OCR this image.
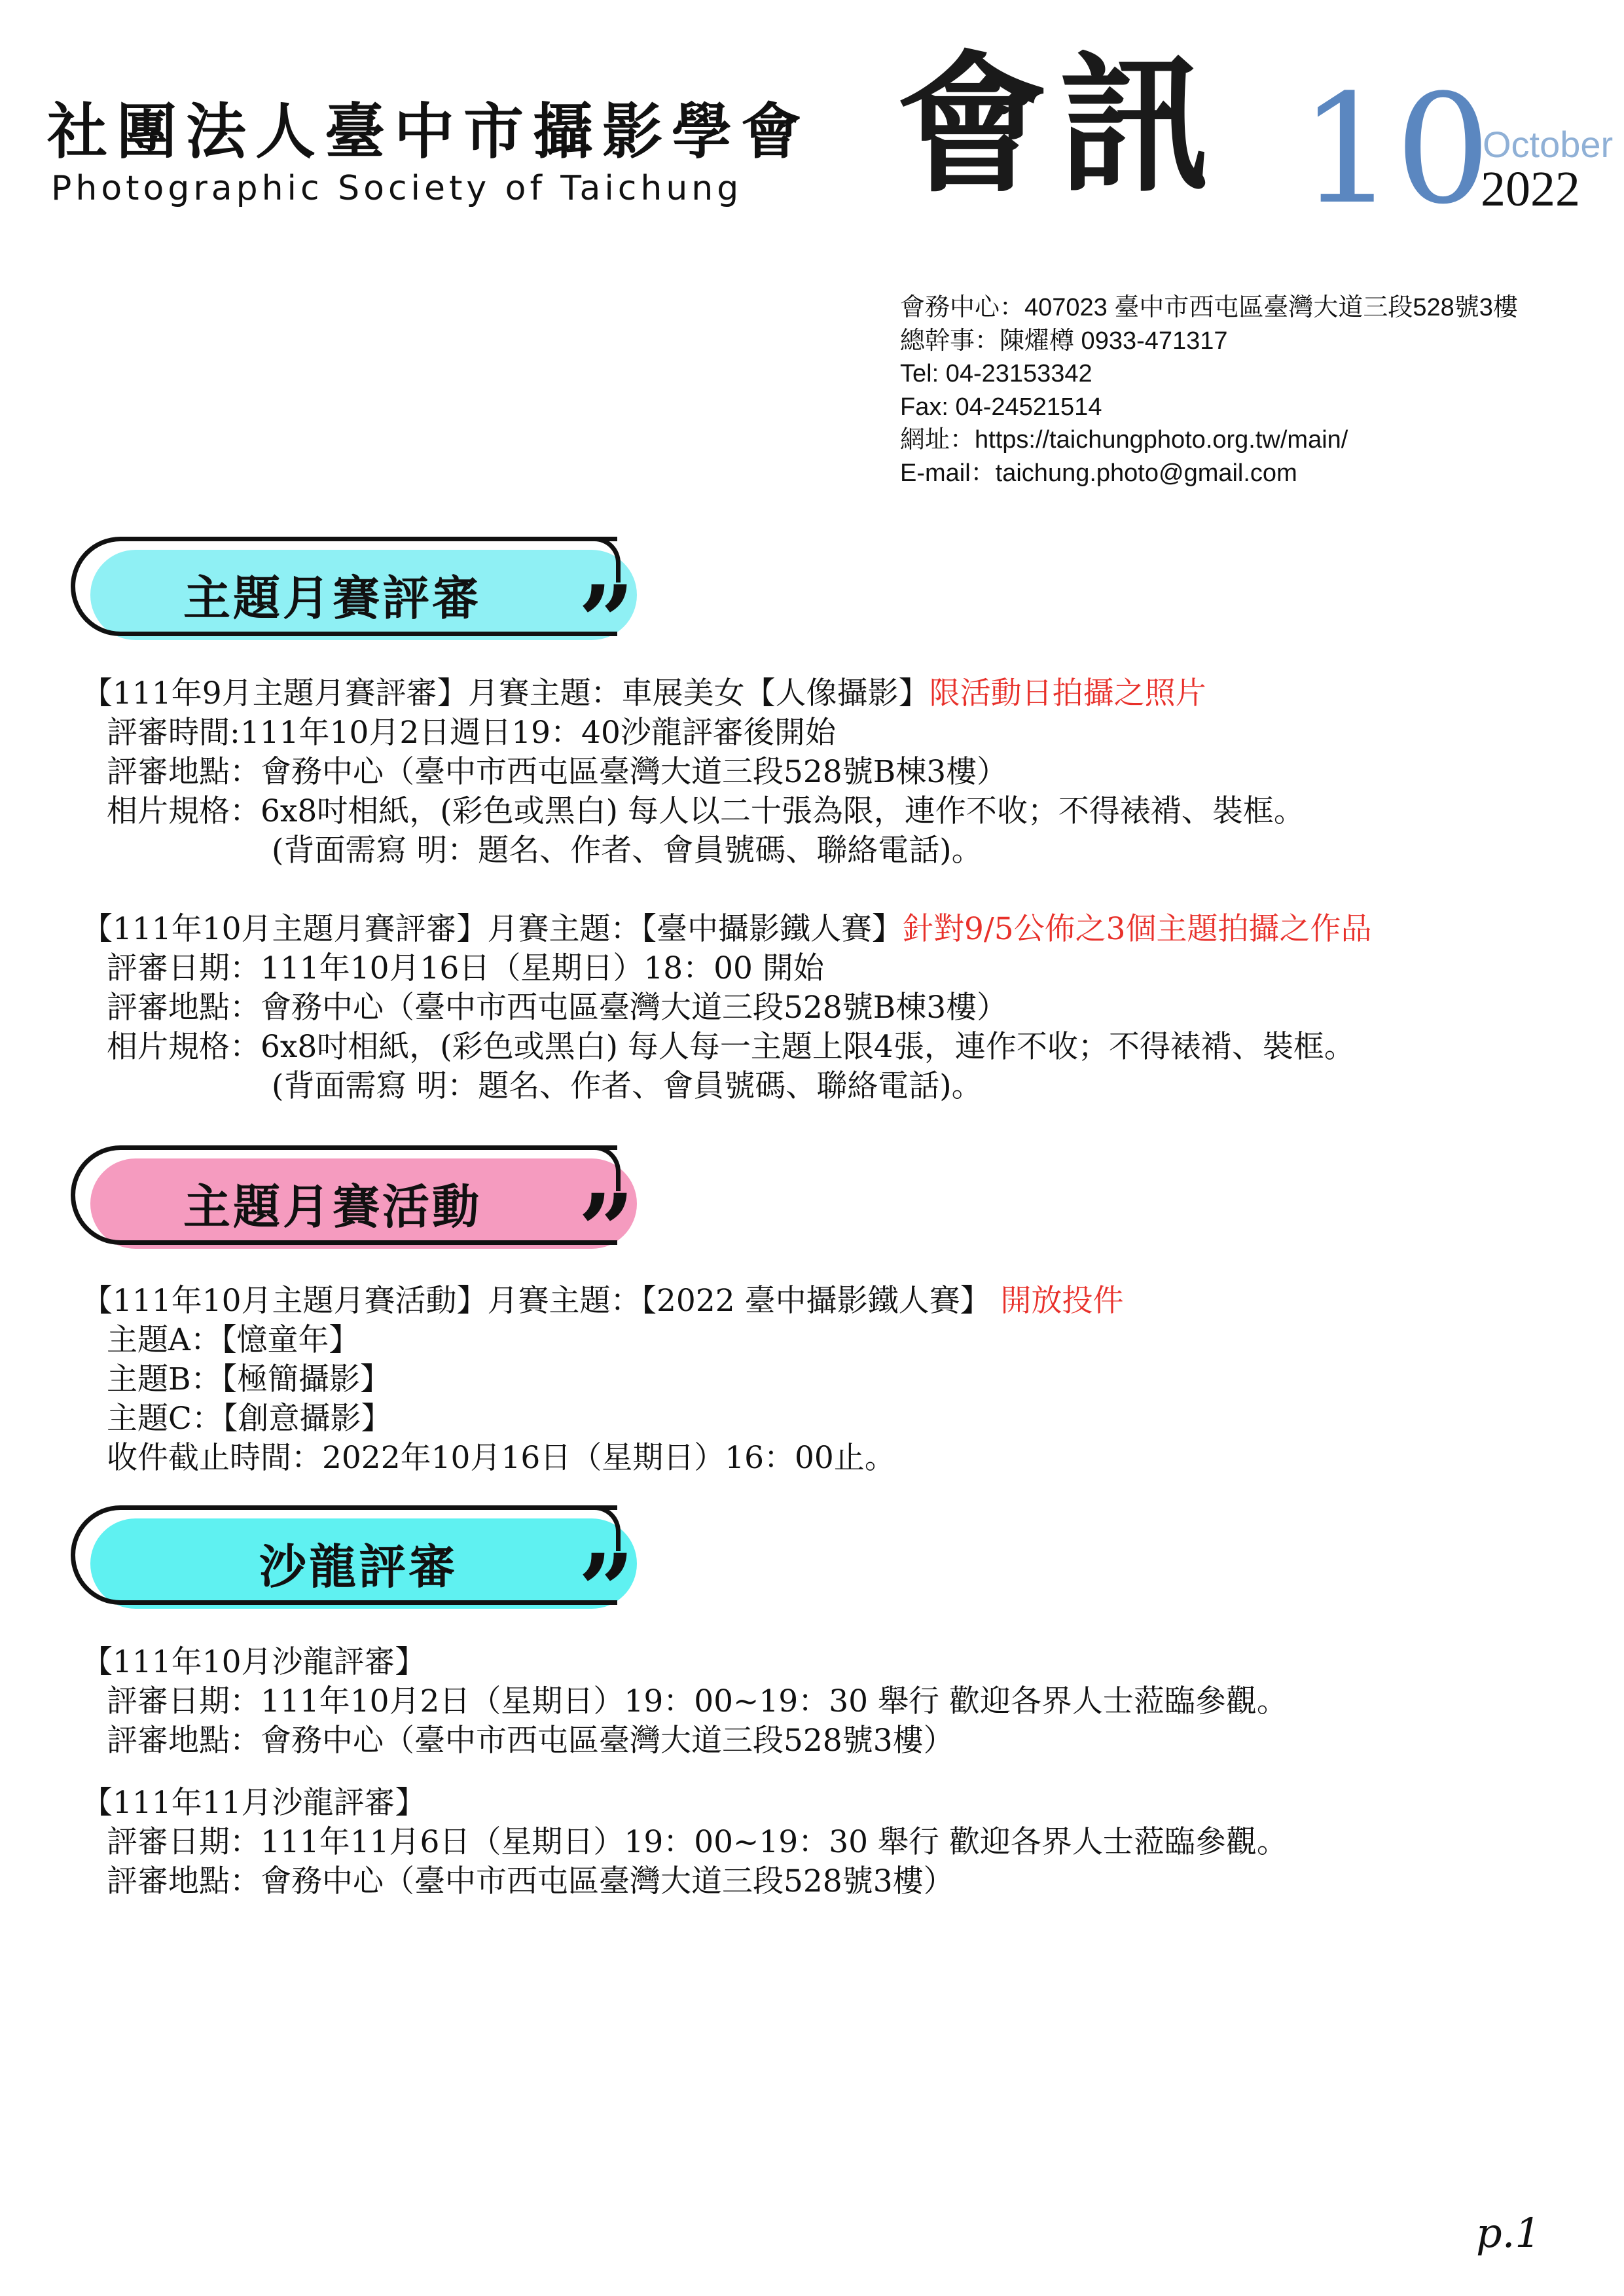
社團法人臺中市攝影學會
Photographic Society of Taichung 會訊 10
October
2022
會務中心：407023 臺中市西屯區臺灣大道三段528號3樓
總幹事：陳燿樽 0933-471317
Tel: 04-23153342
Fax: 04-24521514
網址：https://taichungphoto.org.tw/main/
E-mail：taichung.photo@gmail.com
主題月賽評審 ”
【111年9月主題月賽評審】月賽主題：車展美女【人像攝影】限活動日拍攝之照片
評審時間:111年10月2日週日19：40沙龍評審後開始
評審地點：會務中心（臺中市西屯區臺灣大道三段528號B棟3樓）
相片規格：6x8吋相紙，(彩色或黑白) 每人以二十張為限，連作不收；不得裱褙、裝框。
(背面需寫 明：題名、作者、會員號碼、聯絡電話)。
【111年10月主題月賽評審】月賽主題：【臺中攝影鐵人賽】針對9/5公佈之3個主題拍攝之作品
評審日期：111年10月16日（星期日）18：00 開始
評審地點：會務中心（臺中市西屯區臺灣大道三段528號B棟3樓）
相片規格：6x8吋相紙，(彩色或黑白) 每人每一主題上限4張，連作不收；不得裱褙、裝框。
(背面需寫 明：題名、作者、會員號碼、聯絡電話)。
主題月賽活動 ”
【111年10月主題月賽活動】月賽主題：【2022 臺中攝影鐵人賽】 開放投件
主題A：【憶童年】
主題B：【極簡攝影】
主題C：【創意攝影】
收件截止時間：2022年10月16日（星期日）16：00止。
沙龍評審	”
【111年10月沙龍評審】
評審日期：111年10月2日（星期日）19：00~19：30 舉行 歡迎各界人士蒞臨參觀。
評審地點：會務中心（臺中市西屯區臺灣大道三段528號3樓）
【111年11月沙龍評審】
評審日期：111年11月6日（星期日）19：00~19：30 舉行 歡迎各界人士蒞臨參觀。
評審地點：會務中心（臺中市西屯區臺灣大道三段528號3樓）
p.1
